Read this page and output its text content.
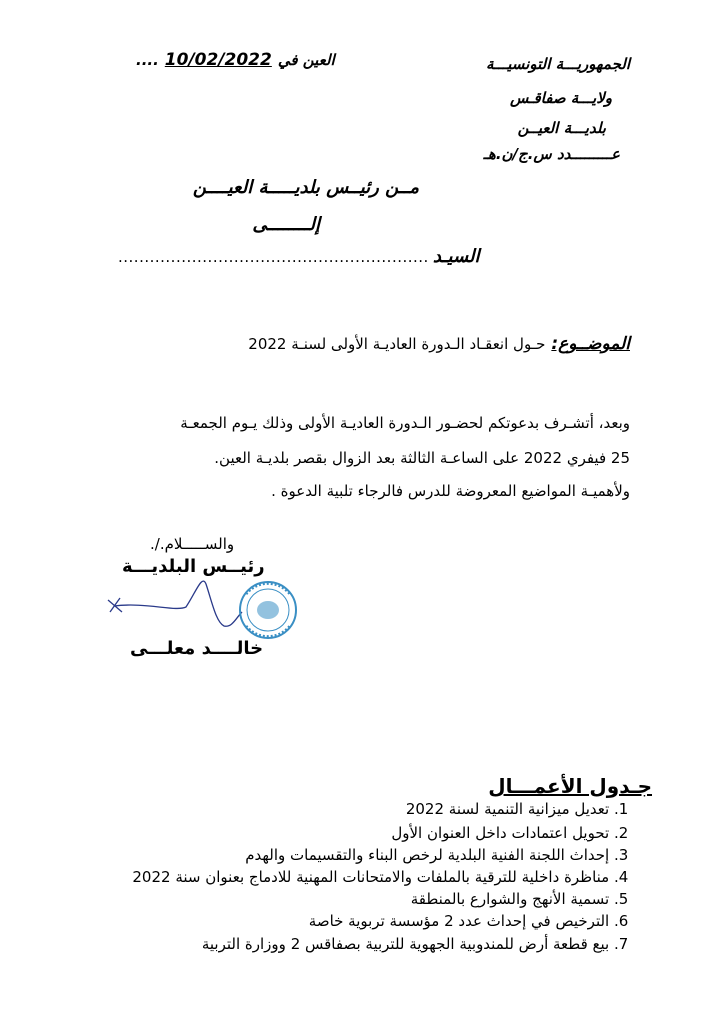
الجمهوريـــة التونسيـــة
ولايـــة صفاقـس
بلديـــة العيــن
عـــــــــدد س.ج/ن.هـ
.... 10/02/2022 العين في
مــن رئيــس بلديـــــة العيــــن
إلــــــــى
........................................................... السيـد
الموضــوع:
حـول انعقـاد الـدورة العاديـة الأولى لسنـة 2022
وبعد، أتشـرف بدعوتكم لحضـور الـدورة العاديـة الأولى وذلك يـوم الجمعـة
25 فيفري 2022 على الساعـة الثالثة بعد الزوال بقصر بلديـة العين.
ولأهميـة المواضيع المعروضة للدرس فالرجاء تلبية الدعوة .
والســـــلام./.
رئيــس البلديـــة
خالــــد معلـــى
جـدول الأعمـــال
1. تعديل ميزانية التنمية لسنة 2022
2. تحويل اعتمادات داخل العنوان الأول
3. إحداث اللجنة الفنية البلدية لرخص البناء والتقسيمات والهدم
4. مناظرة داخلية للترقية بالملفات والامتحانات المهنية للادماج بعنوان سنة 2022
5. تسمية الأنهج والشوارع بالمنطقة
6. الترخيص في إحداث عدد 2 مؤسسة تربوية خاصة
7. بيع قطعة أرض للمندوبية الجهوية للتربية بصفاقس 2 ووزارة التربية
